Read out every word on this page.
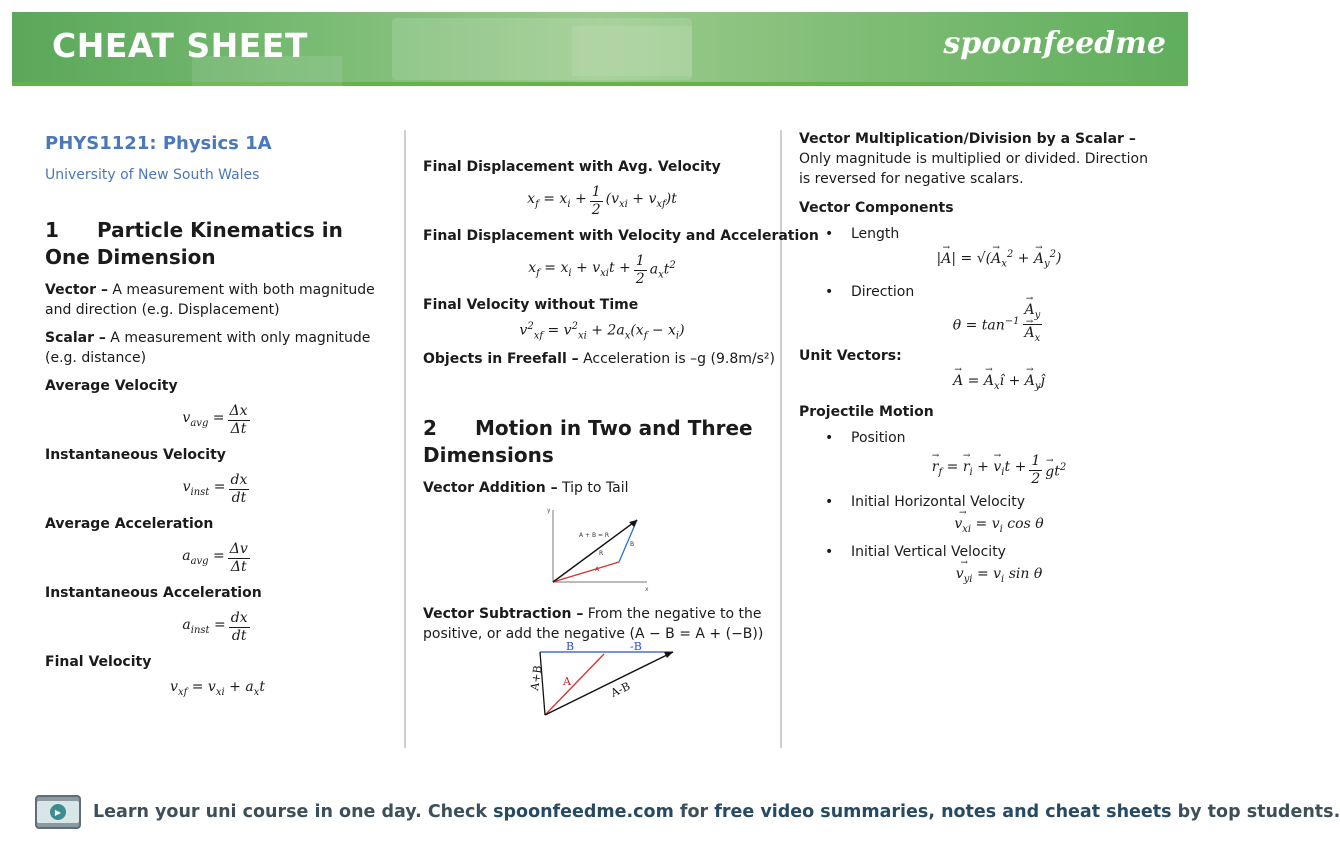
CHEAT SHEET	spoonfeedme
PHYS1121: Physics 1A
University of New South Wales
1 Particle Kinematics in One Dimension
Vector – A measurement with both magnitude and direction (e.g. Displacement)
Scalar – A measurement with only magnitude (e.g. distance)
Average Velocity
$v_{avg} = \frac{\Delta x}{\Delta t}$
Instantaneous Velocity
$v_{inst} = \frac{dx}{dt}$
Average Acceleration
$a_{avg} = \frac{\Delta v}{\Delta t}$
Instantaneous Acceleration
$a_{inst} = \frac{dx}{dt}$
Final Velocity
$v_{xf} = v_{xi} + a_xt$
Final Displacement with Avg. Velocity
$x_f = x_i + \frac{1}{2} (v_{xi} + v_{xf})t$
Final Displacement with Velocity and Acceleration
$x_f = x_i + v_{xi}t + \frac{1}{2} a_xt^2$
Final Velocity without Time
$v^2_{xf} = v^2_{xi} + 2a_x(x_f - x_i)$
Objects in Freefall – Acceleration is –g (9.8m/s²)
2 Motion in Two and Three Dimensions
Vector Addition – Tip to Tail
y
x
A + B = R
A
B
R
Vector Subtraction – From the negative to the positive, or add the negative (A − B = A + (−B))
B	-B
A
A+B	A-B
Vector Multiplication/Division by a Scalar – Only magnitude is multiplied or divided. Direction is reversed for negative scalars.
Vector Components
• Length
|→ A| = √(→ $A_x^2$ + → $A_y^2$)
• Direction
$\theta = \tan^{-1}$
→ $A_y$
→ $A_x$
Unit Vectors:
→ A = → $A_xî$ + → $A_yĵ$
Projectile Motion
• Position
→ $r_f$ = → $r_i$ + → $v_it + \frac{1}{2}$
→ $gt^2$
• Initial Horizontal Velocity
→ $v_{xi} = v_i$ cos θ
• Initial Vertical Velocity
→ $v_{yi} = v_i$ sin θ
▶ Learn your uni course in one day. Check spoonfeedme.com for free video summaries, notes and cheat sheets by top students.
